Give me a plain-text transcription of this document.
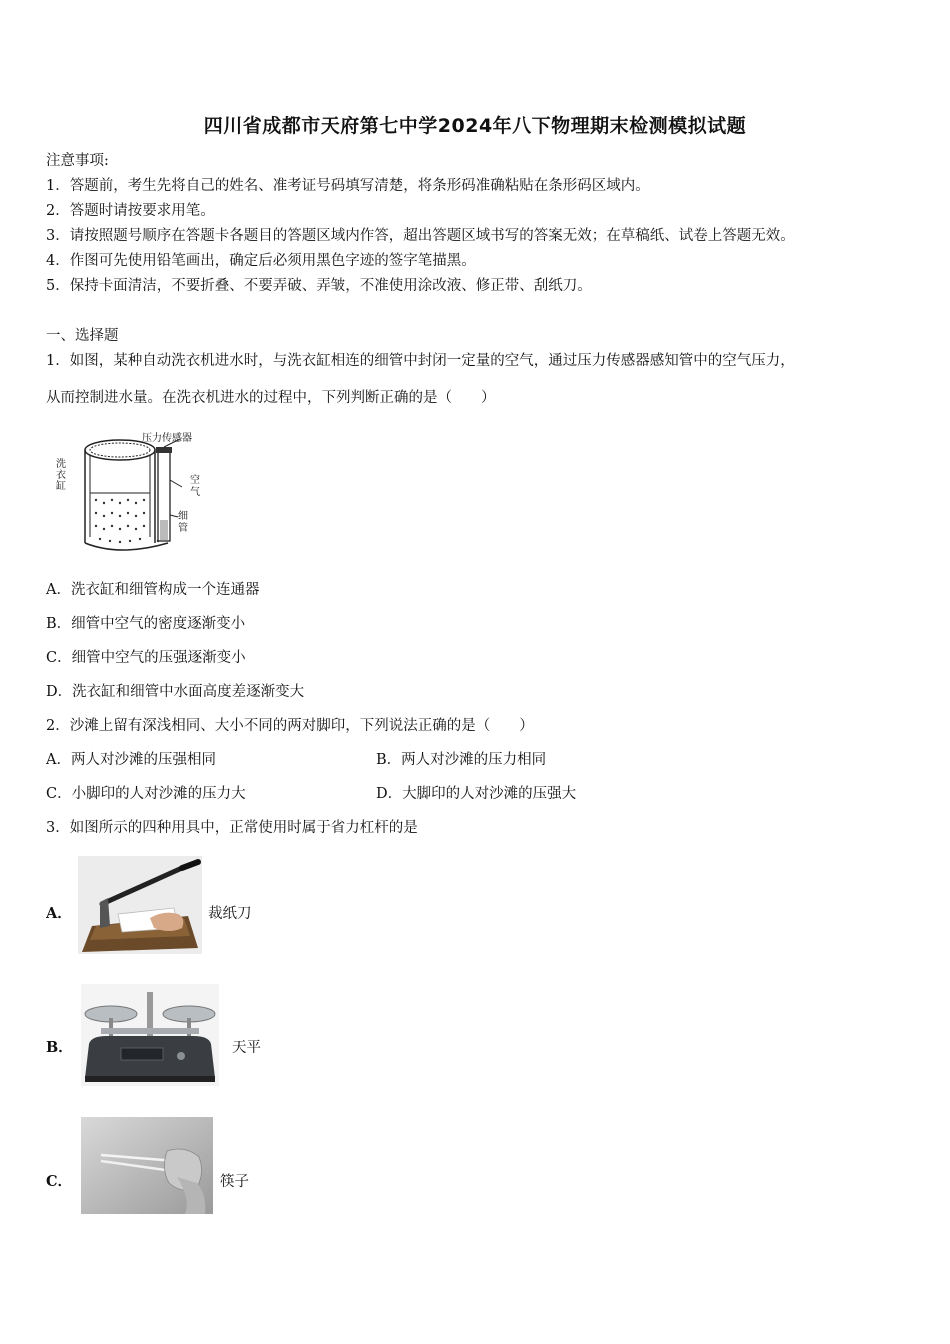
四川省成都市天府第七中学2024年八下物理期末检测模拟试题
注意事项:
1．答题前，考生先将自己的姓名、准考证号码填写清楚，将条形码准确粘贴在条形码区域内。
2．答题时请按要求用笔。
3．请按照题号顺序在答题卡各题目的答题区域内作答，超出答题区域书写的答案无效；在草稿纸、试卷上答题无效。
4．作图可先使用铅笔画出，确定后必须用黑色字迹的签字笔描黑。
5．保持卡面清洁，不要折叠、不要弄破、弄皱，不准使用涂改液、修正带、刮纸刀。
一、选择题
1．如图，某种自动洗衣机进水时，与洗衣缸相连的细管中封闭一定量的空气，通过压力传感器感知管中的空气压力，
从而控制进水量。在洗衣机进水的过程中，下列判断正确的是（　　）
压力传感器
洗
衣
缸
空
气
细
管
A．洗衣缸和细管构成一个连通器
B．细管中空气的密度逐渐变小
C．细管中空气的压强逐渐变小
D．洗衣缸和细管中水面高度差逐渐变大
2．沙滩上留有深浅相同、大小不同的两对脚印，下列说法正确的是（　　）
A．两人对沙滩的压强相同	B．两人对沙滩的压力相同
C．小脚印的人对沙滩的压力大	D．大脚印的人对沙滩的压强大
3．如图所示的四种用具中，正常使用时属于省力杠杆的是
A．	裁纸刀
B．	天平
C．	筷子
